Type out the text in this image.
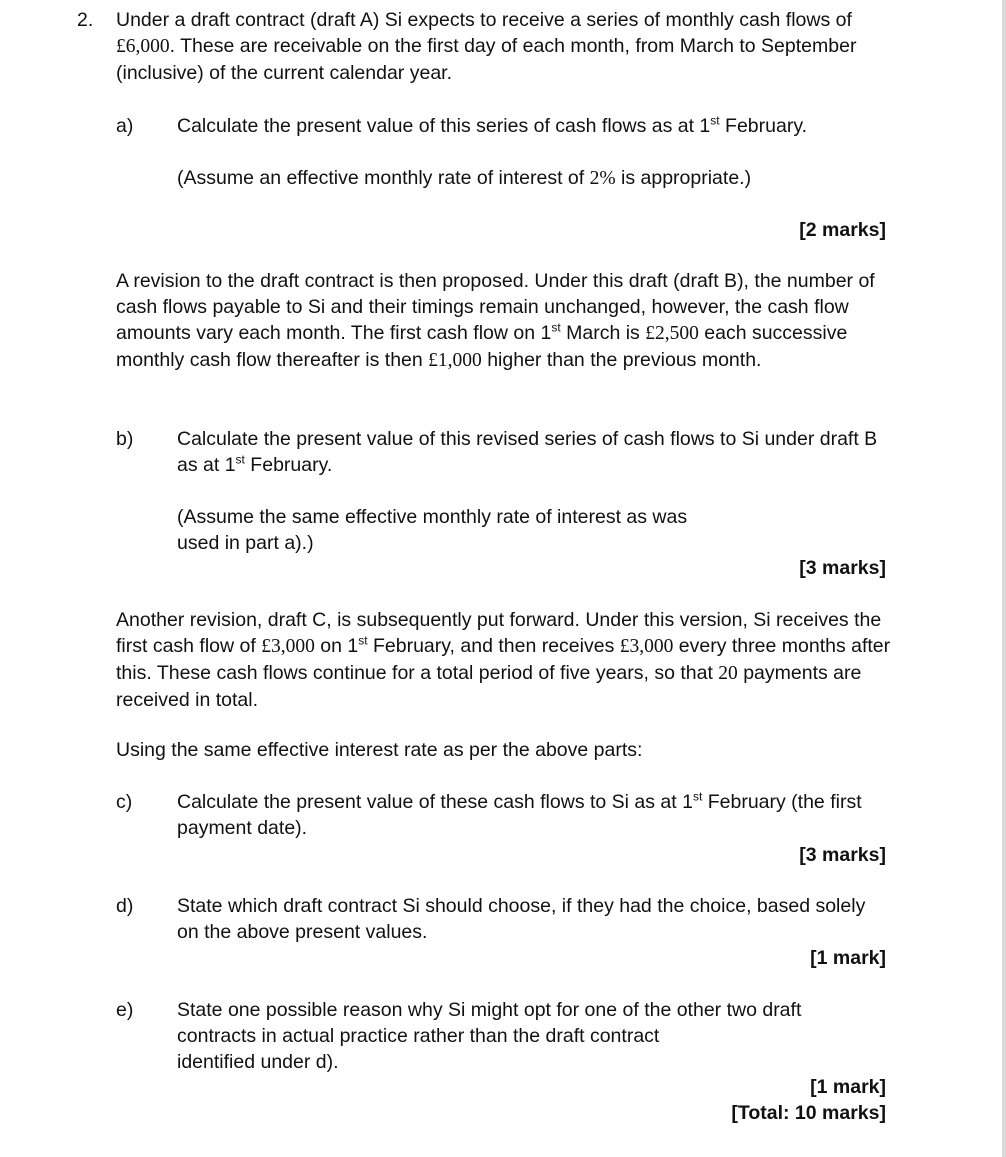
2. Under a draft contract (draft A) Si expects to receive a series of monthly cash flows of £6,000. These are receivable on the first day of each month, from March to September (inclusive) of the current calendar year.

a) Calculate the present value of this series of cash flows as at 1st February.

(Assume an effective monthly rate of interest of 2% is appropriate.)

[2 marks]

A revision to the draft contract is then proposed. Under this draft (draft B), the number of cash flows payable to Si and their timings remain unchanged, however, the cash flow amounts vary each month. The first cash flow on 1st March is £2,500 each successive monthly cash flow thereafter is then £1,000 higher than the previous month.

b) Calculate the present value of this revised series of cash flows to Si under draft B as at 1st February.

(Assume the same effective monthly rate of interest as was
used in part a).)

[3 marks]

Another revision, draft C, is subsequently put forward. Under this version, Si receives the first cash flow of £3,000 on 1st February, and then receives £3,000 every three months after this. These cash flows continue for a total period of five years, so that 20 payments are received in total.

Using the same effective interest rate as per the above parts:

c) Calculate the present value of these cash flows to Si as at 1st February (the first payment date).

[3 marks]
d) State which draft contract Si should choose, if they had the choice, based solely on the above present values.

[1 mark]
e) State one possible reason why Si might opt for one of the other two draft
contracts in actual practice rather than the draft contract
identified under d).

[1 mark]
[Total: 10 marks]
